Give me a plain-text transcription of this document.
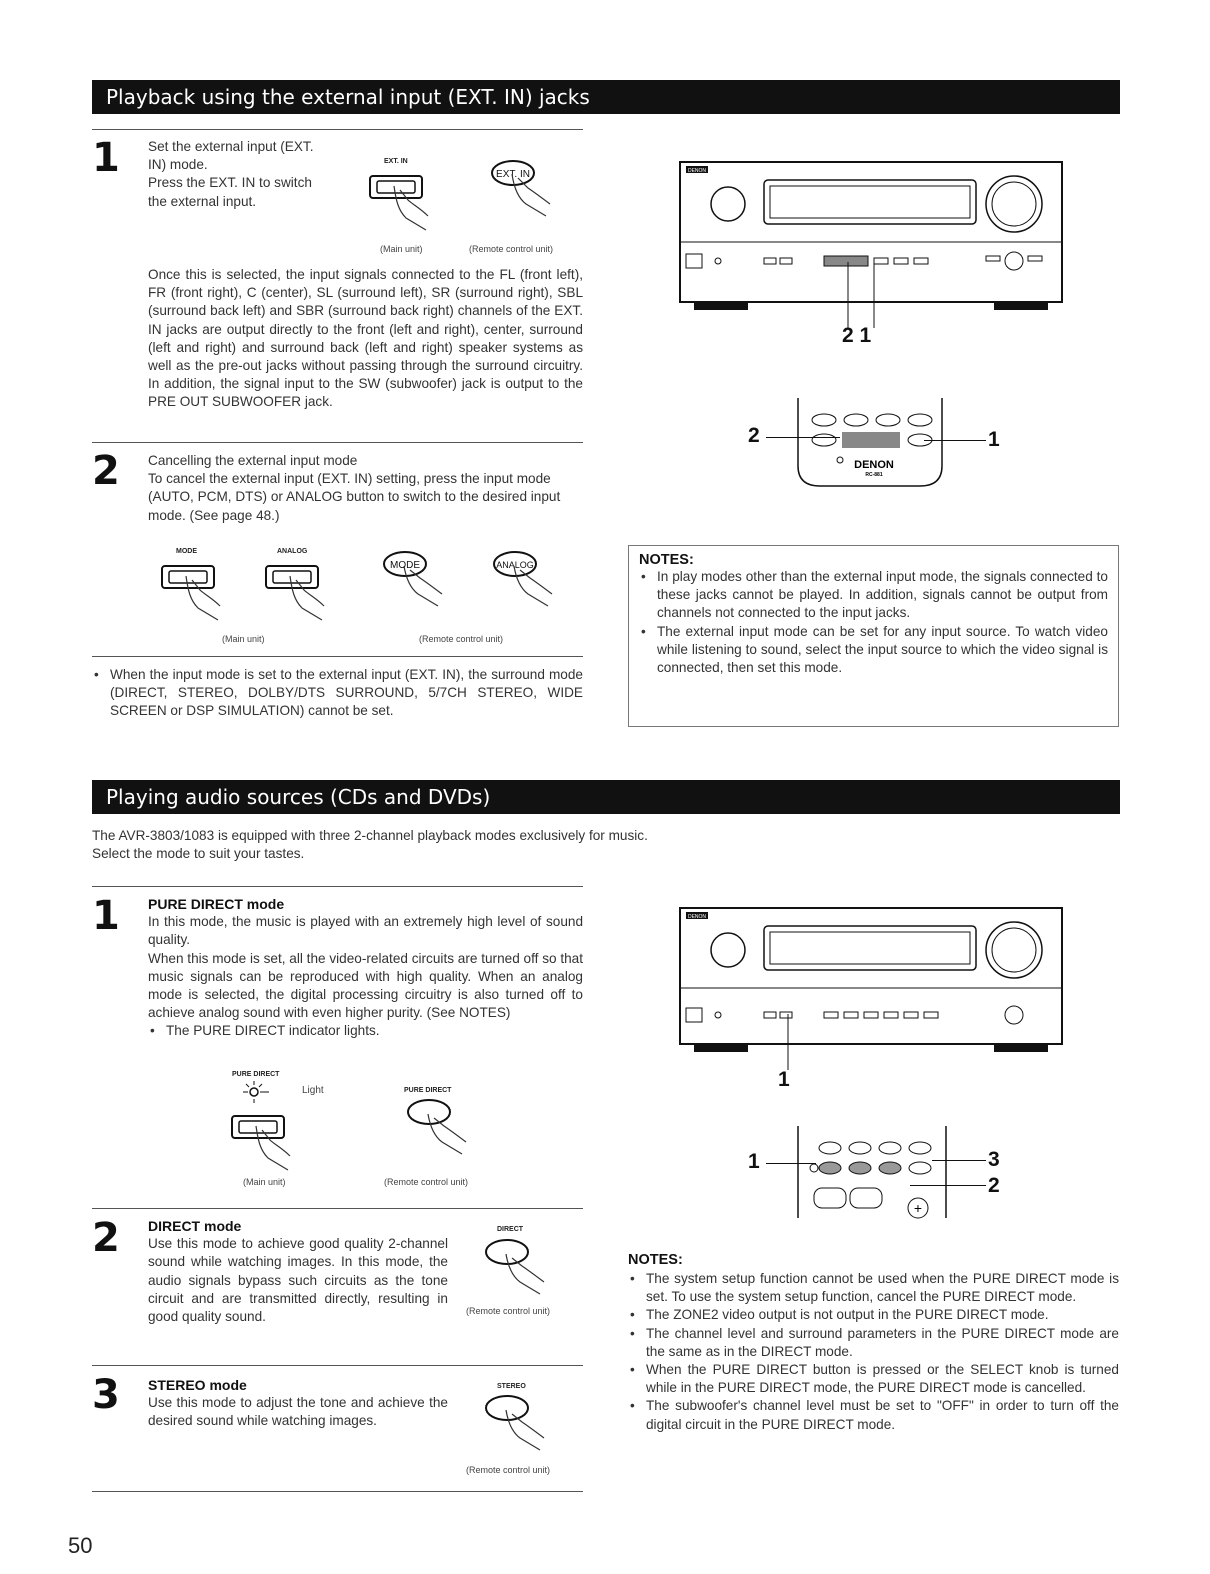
Playback using the external input (EXT. IN) jacks
1 Set the external input (EXT.

IN) mode.

Press the EXT. IN to switch

the external input.

EXT. IN
EXT. IN
(Main unit)	(Remote control unit)
Once this is selected, the input signals connected to the FL (front left), FR (front right), C (center), SL (surround left), SR (surround right), SBL (surround back left) and SBR (surround back right) channels of the EXT. IN jacks are output directly to the front (left and right), center, surround (left and right) and surround back (left and right) speaker systems as well as the pre-out jacks without passing through the surround circuitry. In addition, the signal input to the SW (subwoofer) jack is output to the PRE OUT SUBWOOFER jack.
2 Cancelling the external input mode

To cancel the external input (EXT. IN) setting, press the input mode (AUTO, PCM, DTS) or ANALOG button to switch to the desired input mode. (See page 48.)

MODE	ANALOG
MODE	ANALOG
(Main unit)	(Remote control unit)
• When the input mode is set to the external input (EXT. IN), the surround mode (DIRECT, STEREO, DOLBY/DTS SURROUND, 5/7CH STEREO, WIDE SCREEN or DSP SIMULATION) cannot be set.
DENON
2 1
DENON
RC-881
2	1
NOTES:
• In play modes other than the external input mode, the signals connected to these jacks cannot be played. In addition, signals cannot be output from channels not connected to the input jacks.
• The external input mode can be set for any input source. To watch video while listening to sound, select the input source to which the video signal is connected, then set this mode.
Playing audio sources (CDs and DVDs)

The AVR-3803/1083 is equipped with three 2-channel playback modes exclusively for music.

Select the mode to suit your tastes.

1 PURE DIRECT mode

In this mode, the music is played with an extremely high level of sound quality.

When this mode is set, all the video-related circuits are turned off so that music signals can be reproduced with high quality. When an analog mode is selected, the digital processing circuitry is also turned off to achieve analog sound with even higher purity. (See NOTES)

• The PURE DIRECT indicator lights.
PURE DIRECT
Light	PURE DIRECT
(Main unit)	(Remote control unit)
2 DIRECT mode

Use this mode to achieve good quality 2-channel sound while watching images. In this mode, the audio signals bypass such circuits as the tone circuit and are transmitted directly, resulting in good quality sound.

DIRECT
(Remote control unit)
3 STEREO mode

Use this mode to adjust the tone and achieve the desired sound while watching images.

STEREO
(Remote control unit)
DENON
1
+
1	3
2
NOTES:
• The system setup function cannot be used when the PURE DIRECT mode is set. To use the system setup function, cancel the PURE DIRECT mode.
• The ZONE2 video output is not output in the PURE DIRECT mode.
• The channel level and surround parameters in the PURE DIRECT mode are the same as in the DIRECT mode.
• When the PURE DIRECT button is pressed or the SELECT knob is turned while in the PURE DIRECT mode, the PURE DIRECT mode is cancelled.
• The subwoofer's channel level must be set to "OFF" in order to turn off the digital circuit in the PURE DIRECT mode.
50
